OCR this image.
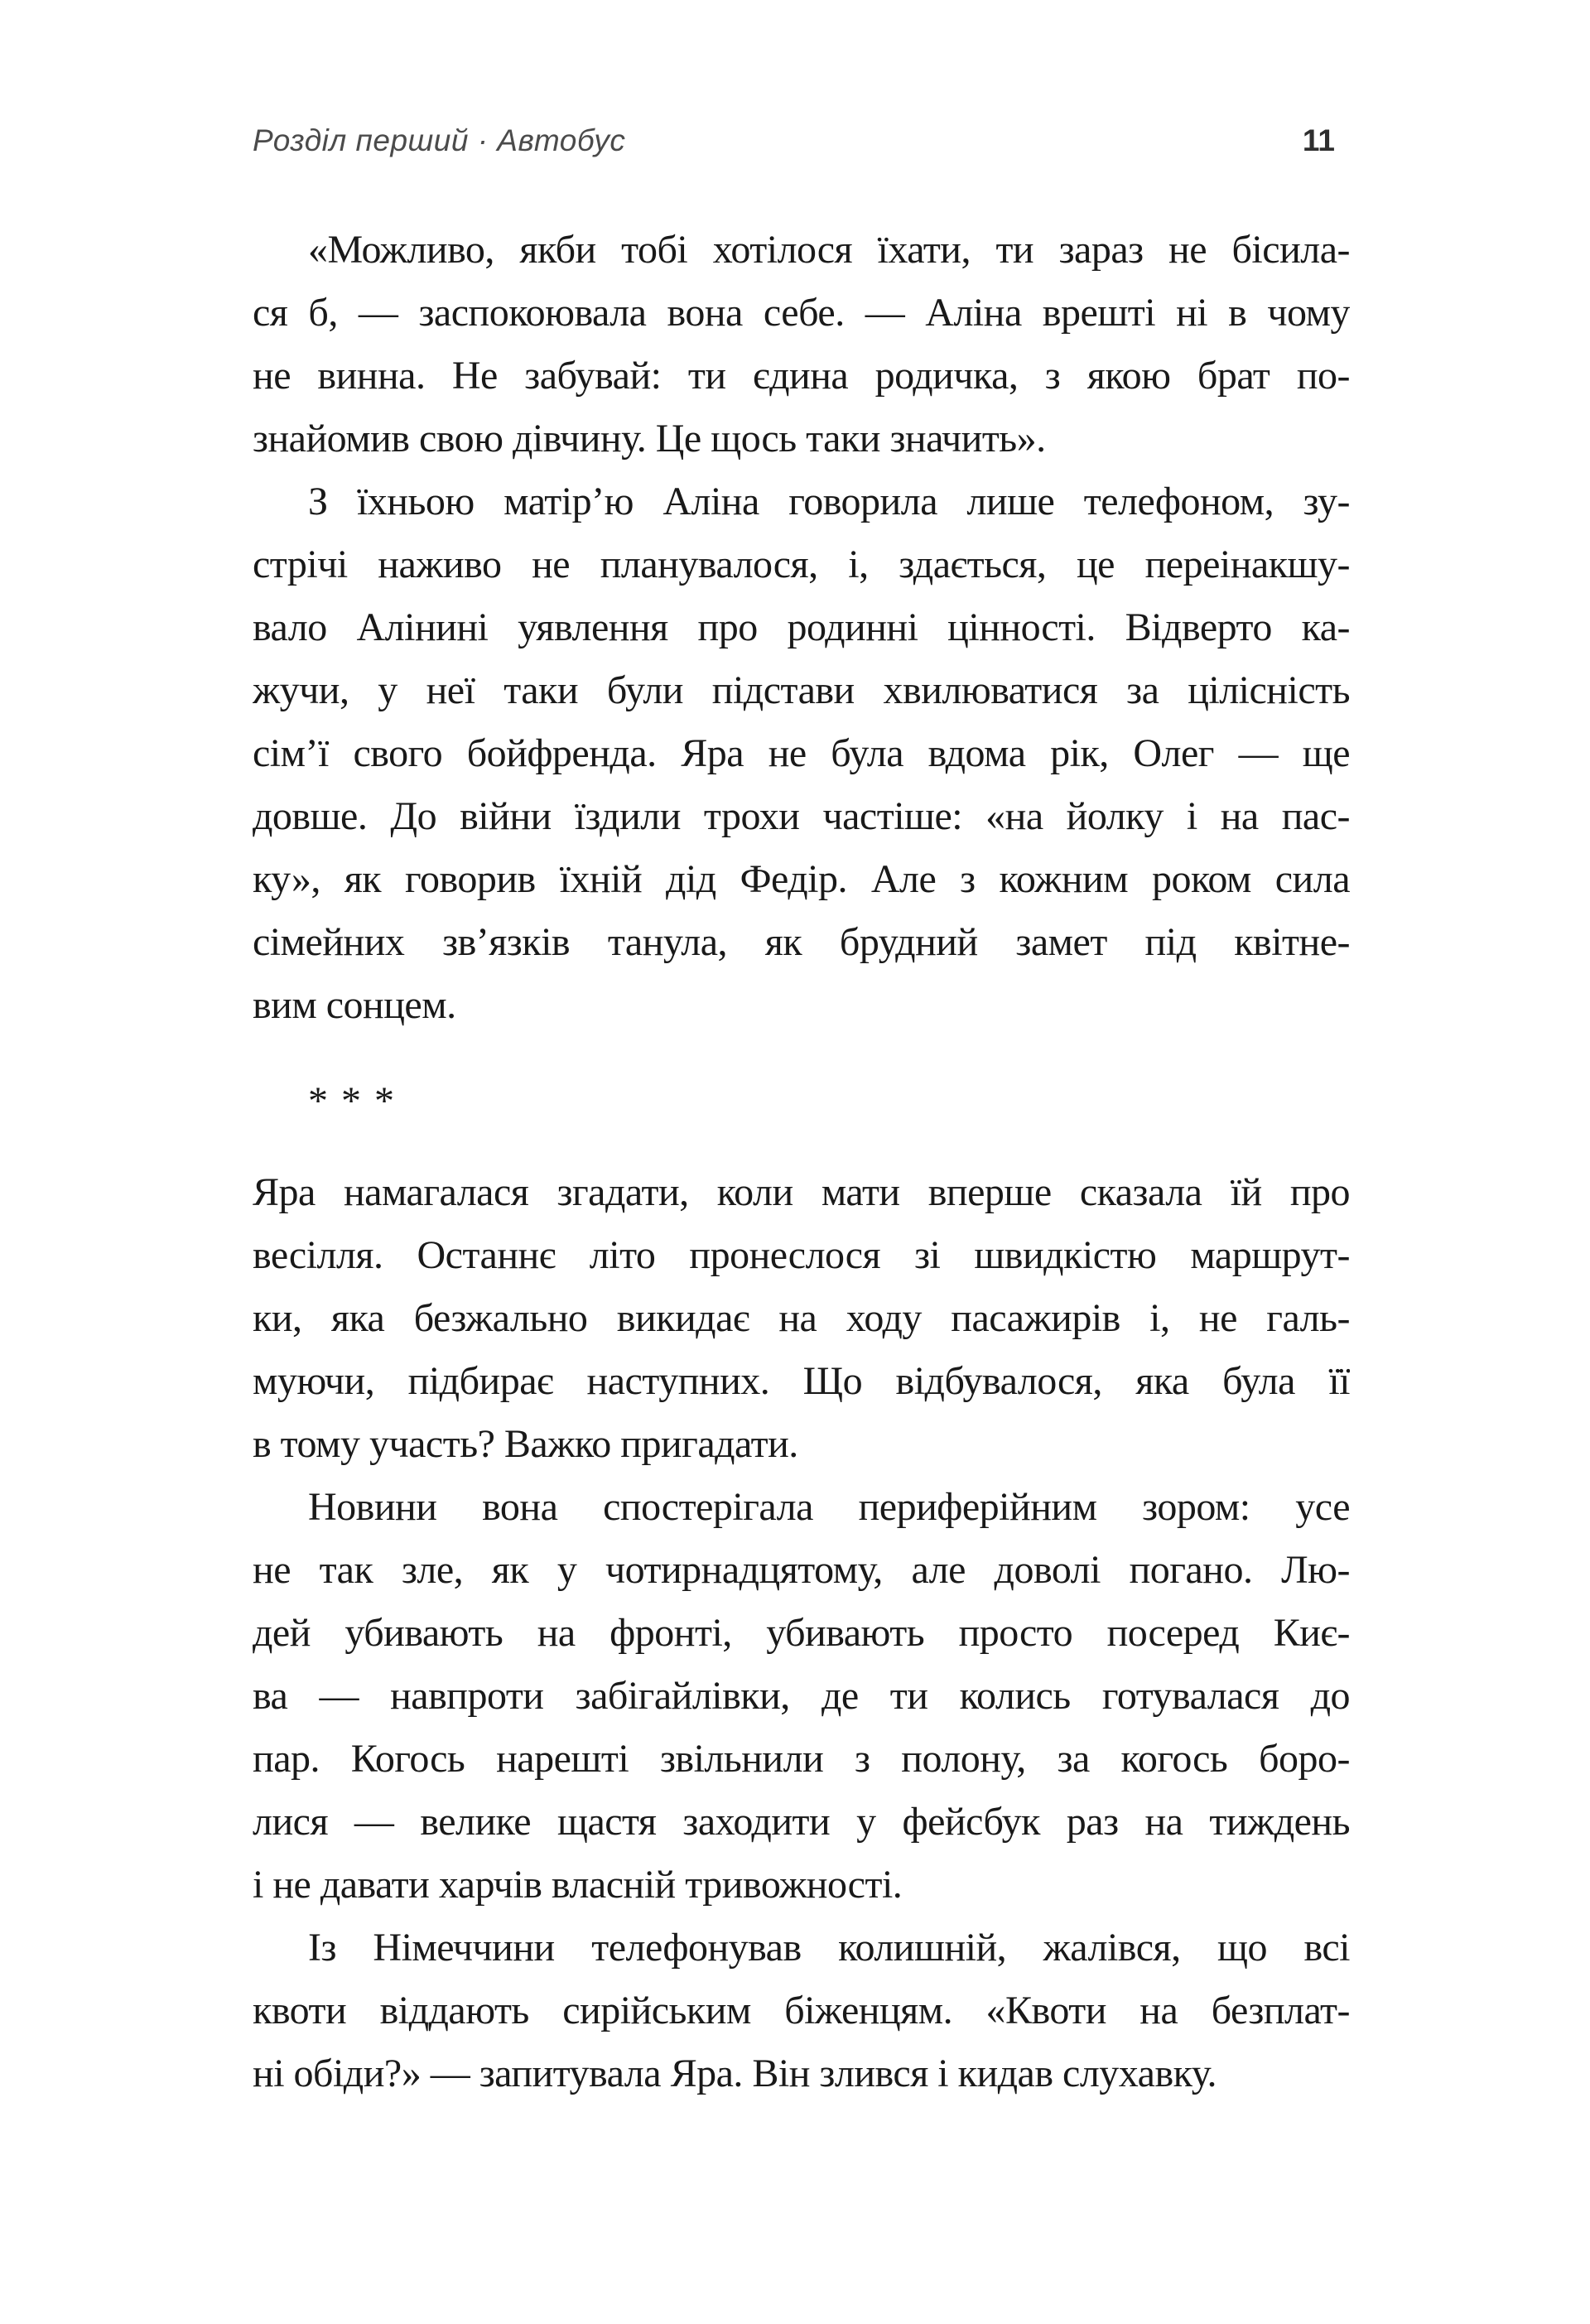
Розділ перший · Автобус	11
«Можливо, якби тобі хотілося їхати, ти зараз не бісила-
ся б, — заспокоювала вона себе. — Аліна врешті ні в чому
не винна. Не забувай: ти єдина родичка, з якою брат по-
знайомив свою дівчину. Це щось таки значить».
З їхньою матір’ю Аліна говорила лише телефоном, зу-
стрічі наживо не планувалося, і, здається, це переінакшу-
вало Алінині уявлення про родинні цінності. Відверто ка-
жучи, у неї таки були підстави хвилюватися за цілісність
сім’ї свого бойфренда. Яра не була вдома рік, Олег — ще
довше. До війни їздили трохи частіше: «на йолку і на пас-
ку», як говорив їхній дід Федір. Але з кожним роком сила
сімейних зв’язків танула, як брудний замет під квітне-
вим сонцем.
* * *
Яра намагалася згадати, коли мати вперше сказала їй про
весілля. Останнє літо пронеслося зі швидкістю маршрут-
ки, яка безжально викидає на ходу пасажирів і, не галь-
муючи, підбирає наступних. Що відбувалося, яка була її
в тому участь? Важко пригадати.
Новини вона спостерігала периферійним зором: усе
не так зле, як у чотирнадцятому, але доволі погано. Лю-
дей убивають на фронті, убивають просто посеред Киє-
ва — навпроти забігайлівки, де ти колись готувалася до
пар. Когось нарешті звільнили з полону, за когось боро-
лися — велике щастя заходити у фейсбук раз на тиждень
і не давати харчів власній тривожності.
Із Німеччини телефонував колишній, жалівся, що всі
квоти віддають сирійським біженцям. «Квоти на безплат-
ні обіди?» — запитувала Яра. Він злився і кидав слухавку.
